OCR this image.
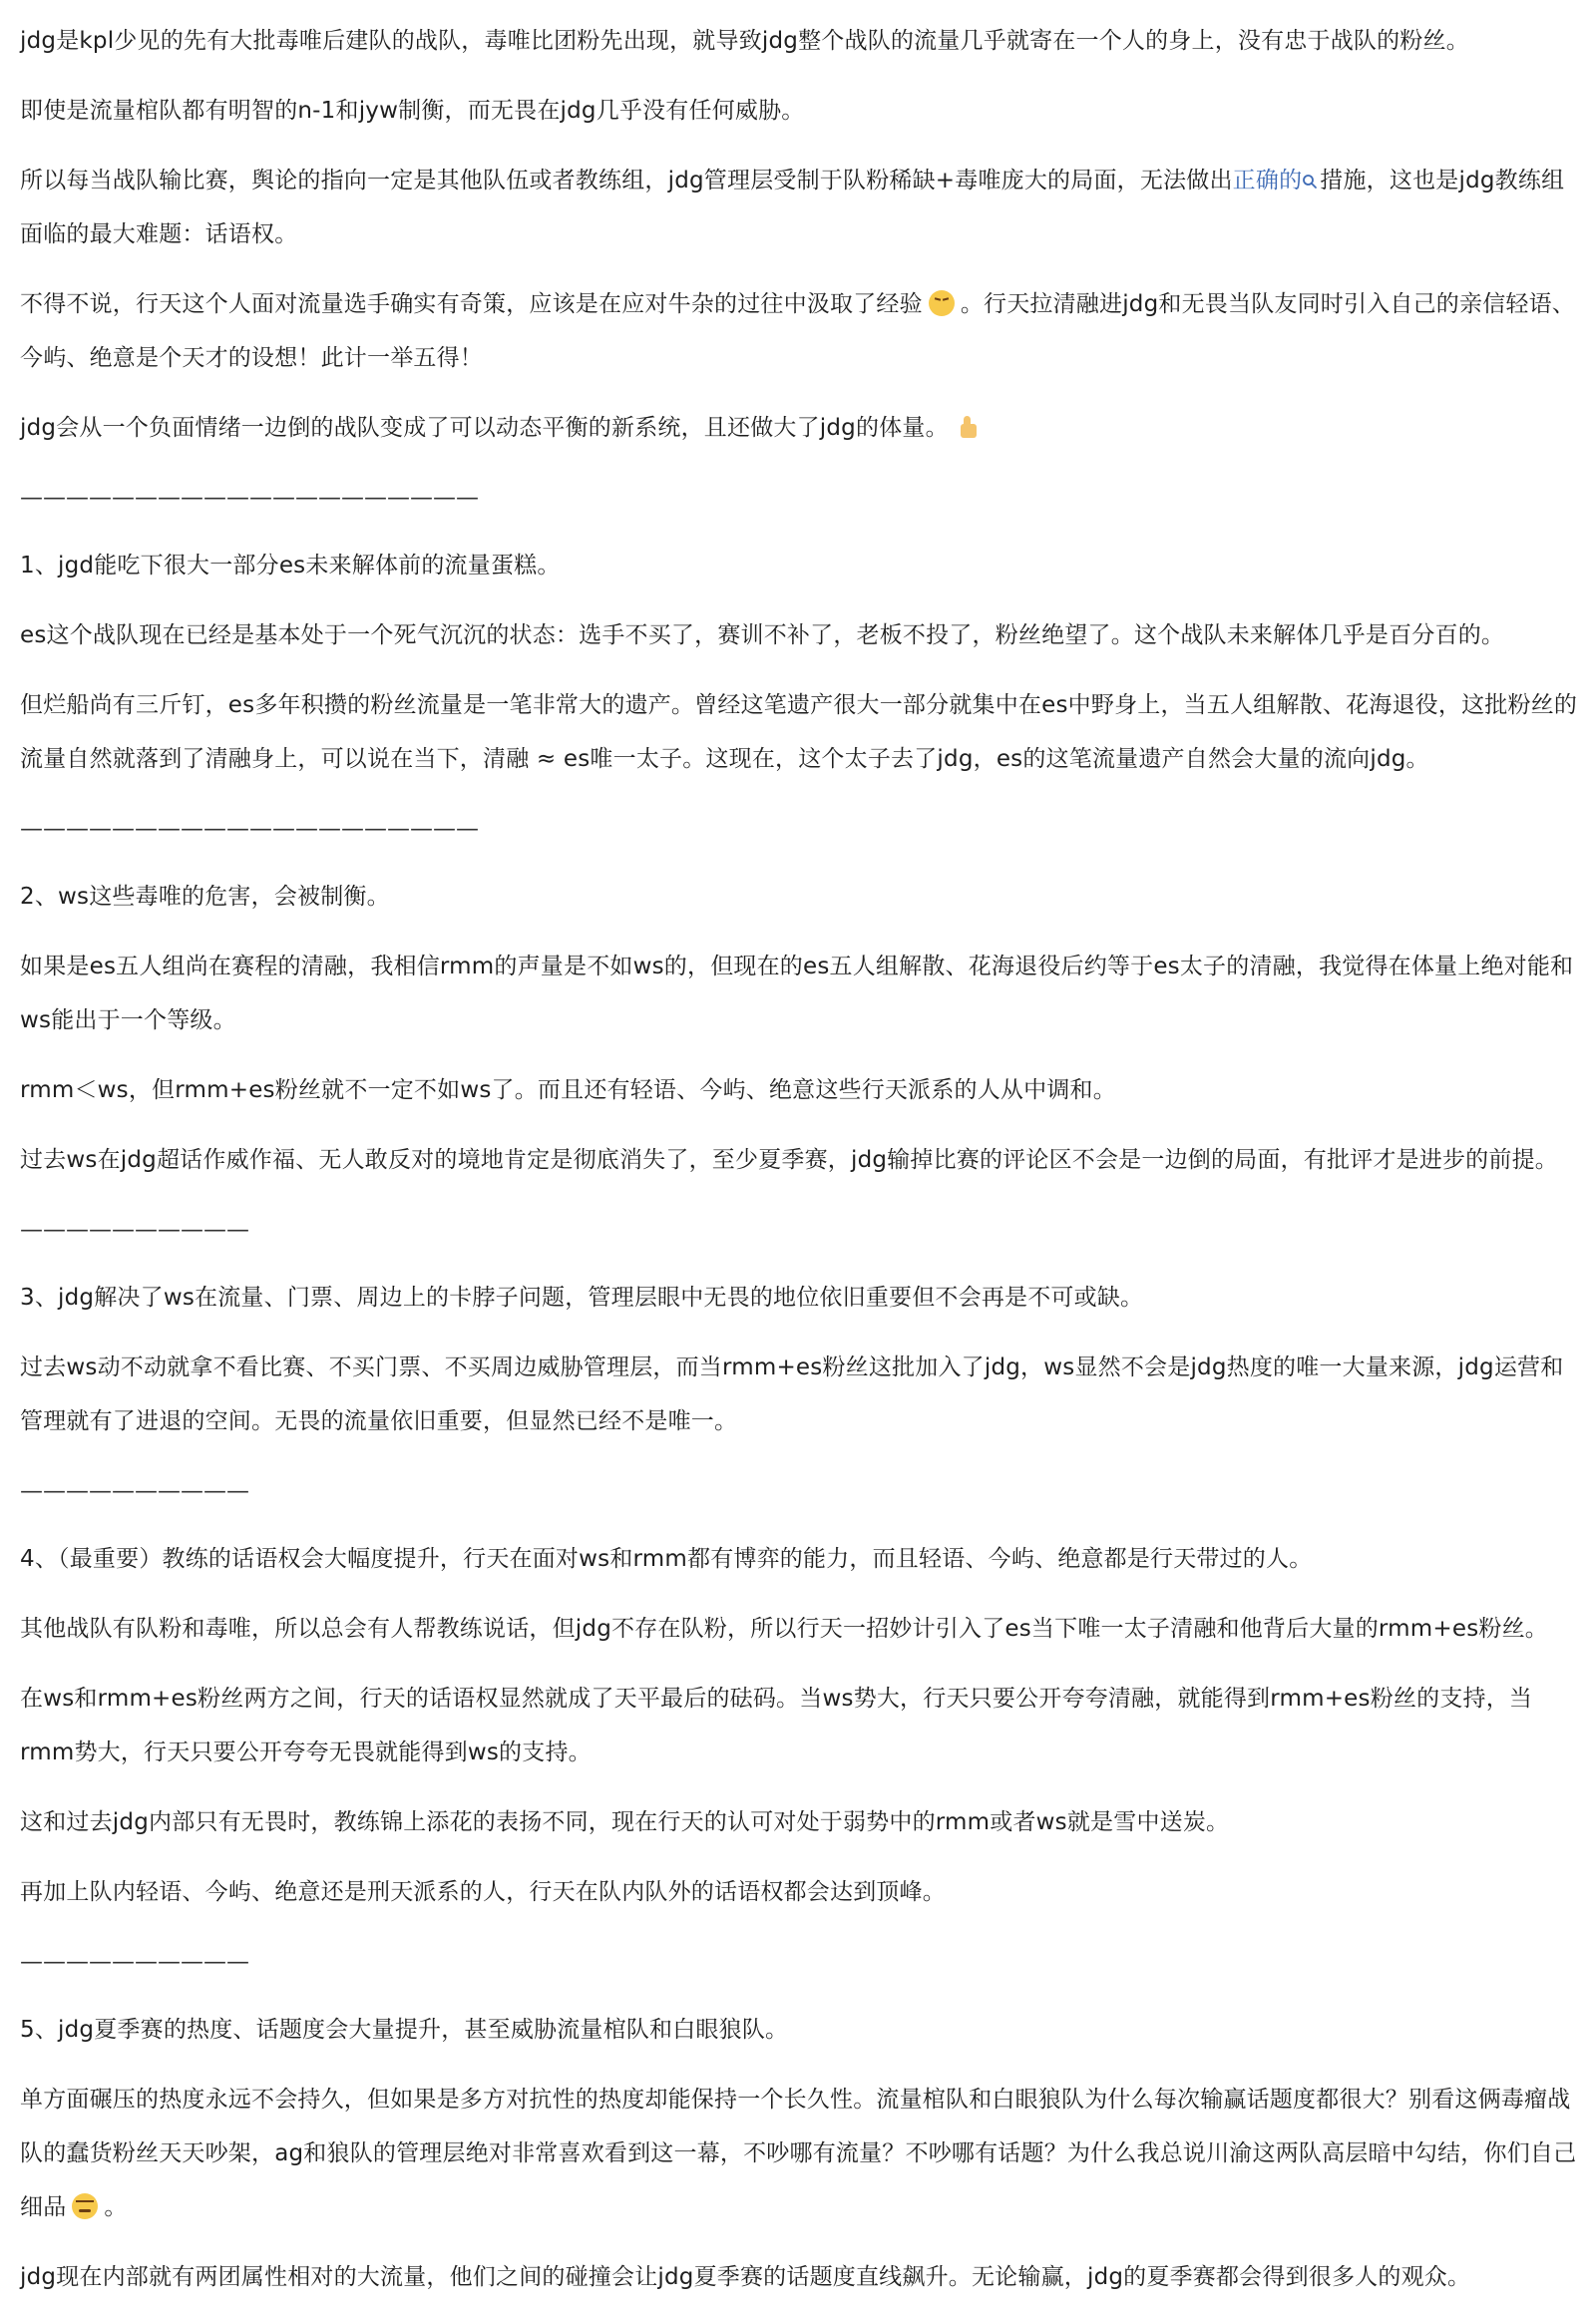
jdg是kpl少见的先有大批毒唯后建队的战队，毒唯比团粉先出现，就导致jdg整个战队的流量几乎就寄在一个人的身上，没有忠于战队的粉丝。

即使是流量棺队都有明智的n-1和jyw制衡，而无畏在jdg几乎没有任何威胁。

所以每当战队输比赛，舆论的指向一定是其他队伍或者教练组，jdg管理层受制于队粉稀缺+毒唯庞大的局面，无法做出正确的 措施，这也是jdg教练组面临的最大难题：话语权。

不得不说，行天这个人面对流量选手确实有奇策，应该是在应对牛杂的过往中汲取了经验 。行天拉清融进jdg和无畏当队友同时引入自己的亲信轻语、今屿、绝意是个天才的设想！此计一举五得！

jdg会从一个负面情绪一边倒的战队变成了可以动态平衡的新系统，且还做大了jdg的体量。

————————————————————

1、jgd能吃下很大一部分es未来解体前的流量蛋糕。

es这个战队现在已经是基本处于一个死气沉沉的状态：选手不买了，赛训不补了，老板不投了，粉丝绝望了。这个战队未来解体几乎是百分百的。

但烂船尚有三斤钉，es多年积攒的粉丝流量是一笔非常大的遗产。曾经这笔遗产很大一部分就集中在es中野身上，当五人组解散、花海退役，这批粉丝的流量自然就落到了清融身上，可以说在当下，清融 ≈ es唯一太子。这现在，这个太子去了jdg，es的这笔流量遗产自然会大量的流向jdg。

————————————————————

2、ws这些毒唯的危害，会被制衡。

如果是es五人组尚在赛程的清融，我相信rmm的声量是不如ws的，但现在的es五人组解散、花海退役后约等于es太子的清融，我觉得在体量上绝对能和ws能出于一个等级。

rmm＜ws，但rmm+es粉丝就不一定不如ws了。而且还有轻语、今屿、绝意这些行天派系的人从中调和。

过去ws在jdg超话作威作福、无人敢反对的境地肯定是彻底消失了，至少夏季赛，jdg输掉比赛的评论区不会是一边倒的局面，有批评才是进步的前提。

——————————

3、jdg解决了ws在流量、门票、周边上的卡脖子问题，管理层眼中无畏的地位依旧重要但不会再是不可或缺。

过去ws动不动就拿不看比赛、不买门票、不买周边威胁管理层，而当rmm+es粉丝这批加入了jdg，ws显然不会是jdg热度的唯一大量来源，jdg运营和管理就有了进退的空间。无畏的流量依旧重要，但显然已经不是唯一。

——————————

4、（最重要）教练的话语权会大幅度提升，行天在面对ws和rmm都有博弈的能力，而且轻语、今屿、绝意都是行天带过的人。

其他战队有队粉和毒唯，所以总会有人帮教练说话，但jdg不存在队粉，所以行天一招妙计引入了es当下唯一太子清融和他背后大量的rmm+es粉丝。

在ws和rmm+es粉丝两方之间，行天的话语权显然就成了天平最后的砝码。当ws势大，行天只要公开夸夸清融，就能得到rmm+es粉丝的支持，当rmm势大，行天只要公开夸夸无畏就能得到ws的支持。

这和过去jdg内部只有无畏时，教练锦上添花的表扬不同，现在行天的认可对处于弱势中的rmm或者ws就是雪中送炭。

再加上队内轻语、今屿、绝意还是刑天派系的人，行天在队内队外的话语权都会达到顶峰。

——————————

5、jdg夏季赛的热度、话题度会大量提升，甚至威胁流量棺队和白眼狼队。

单方面碾压的热度永远不会持久，但如果是多方对抗性的热度却能保持一个长久性。流量棺队和白眼狼队为什么每次输赢话题度都很大？别看这俩毒瘤战队的蠢货粉丝天天吵架，ag和狼队的管理层绝对非常喜欢看到这一幕，不吵哪有流量？不吵哪有话题？为什么我总说川渝这两队高层暗中勾结，你们自己细品 。

jdg现在内部就有两团属性相对的大流量，他们之间的碰撞会让jdg夏季赛的话题度直线飙升。无论输赢，jdg的夏季赛都会得到很多人的观众。
